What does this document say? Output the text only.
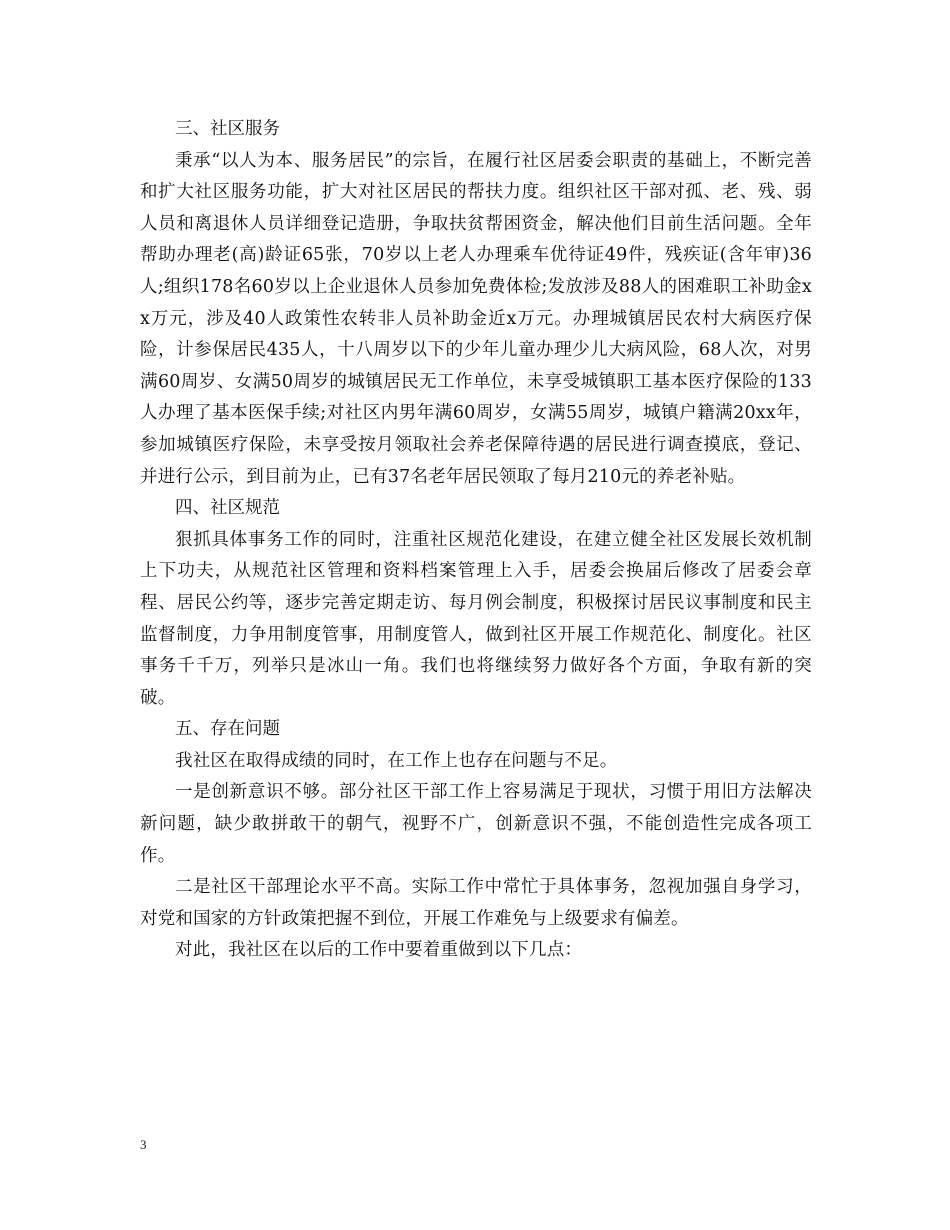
三、社区服务

秉承“以人为本、服务居民”的宗旨，在履行社区居委会职责的基础上，不断完善和扩大社区服务功能，扩大对社区居民的帮扶力度。组织社区干部对孤、老、残、弱人员和离退休人员详细登记造册，争取扶贫帮困资金，解决他们目前生活问题。全年帮助办理老(高)龄证65张，70岁以上老人办理乘车优待证49件，残疾证(含年审)36人;组织178名60岁以上企业退休人员参加免费体检;发放涉及88人的困难职工补助金xx万元，涉及40人政策性农转非人员补助金近x万元。办理城镇居民农村大病医疗保险，计参保居民435人，十八周岁以下的少年儿童办理少儿大病风险，68人次，对男满60周岁、女满50周岁的城镇居民无工作单位，未享受城镇职工基本医疗保险的133人办理了基本医保手续;对社区内男年满60周岁，女满55周岁，城镇户籍满20xx年，参加城镇医疗保险，未享受按月领取社会养老保障待遇的居民进行调查摸底，登记、并进行公示，到目前为止，已有37名老年居民领取了每月210元的养老补贴。

四、社区规范

狠抓具体事务工作的同时，注重社区规范化建设，在建立健全社区发展长效机制上下功夫，从规范社区管理和资料档案管理上入手，居委会换届后修改了居委会章程、居民公约等，逐步完善定期走访、每月例会制度，积极探讨居民议事制度和民主监督制度，力争用制度管事，用制度管人，做到社区开展工作规范化、制度化。社区事务千千万，列举只是冰山一角。我们也将继续努力做好各个方面，争取有新的突破。

五、存在问题

我社区在取得成绩的同时，在工作上也存在问题与不足。

一是创新意识不够。部分社区干部工作上容易满足于现状，习惯于用旧方法解决新问题，缺少敢拼敢干的朝气，视野不广，创新意识不强，不能创造性完成各项工作。

二是社区干部理论水平不高。实际工作中常忙于具体事务，忽视加强自身学习，对党和国家的方针政策把握不到位，开展工作难免与上级要求有偏差。

对此，我社区在以后的工作中要着重做到以下几点：

3
